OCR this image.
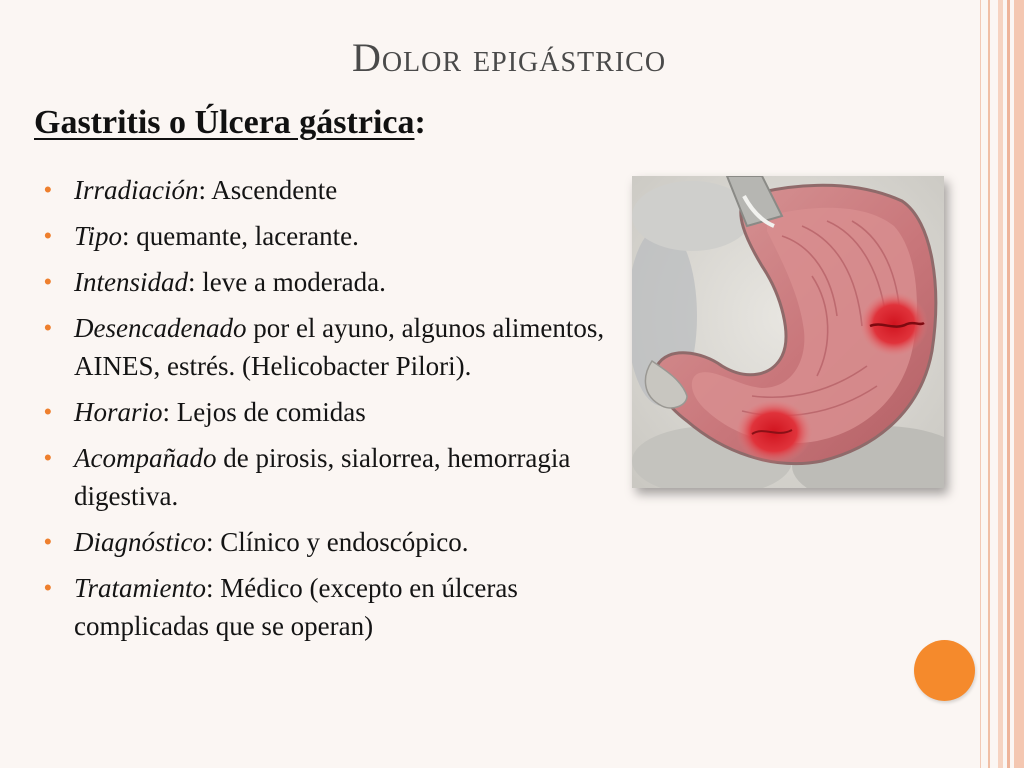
Dolor epigástrico
Gastritis o Úlcera gástrica:
• Irradiación: Ascendente
• Tipo: quemante, lacerante.
• Intensidad: leve a moderada.
• Desencadenado por el ayuno, algunos alimentos, AINES, estrés. (Helicobacter Pilori).
• Horario: Lejos de comidas
• Acompañado de pirosis, sialorrea, hemorragia digestiva.
• Diagnóstico: Clínico y endoscópico.
• Tratamiento: Médico (excepto en úlceras complicadas que se operan)
